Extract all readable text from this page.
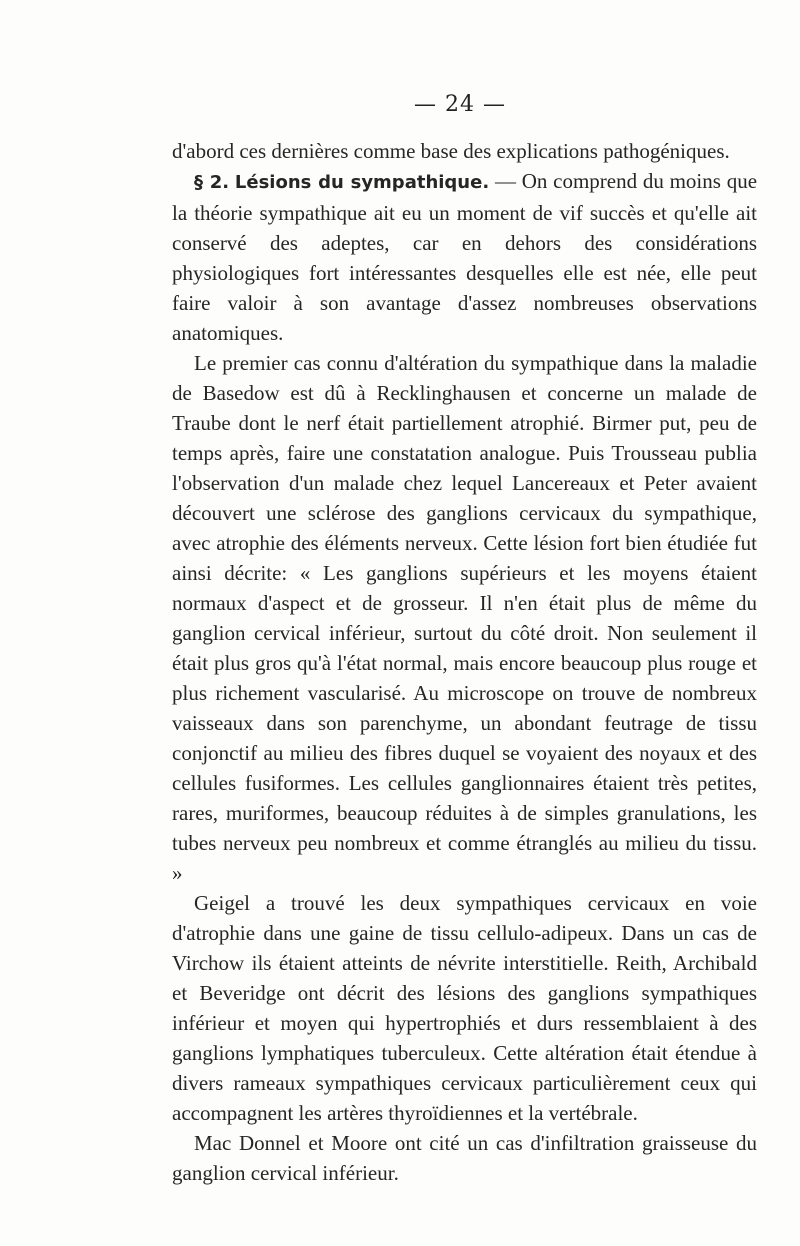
— 24 —

d'abord ces dernières comme base des explications pathogéniques.

§ 2. Lésions du sympathique. — On comprend du moins que la théorie sympathique ait eu un moment de vif succès et qu'elle ait conservé des adeptes, car en dehors des considérations physiologiques fort intéressantes desquelles elle est née, elle peut faire valoir à son avantage d'assez nombreuses observations anatomiques.

Le premier cas connu d'altération du sympathique dans la maladie de Basedow est dû à Recklinghausen et concerne un malade de Traube dont le nerf était partiellement atrophié. Birmer put, peu de temps après, faire une constatation analogue. Puis Trousseau publia l'observation d'un malade chez lequel Lancereaux et Peter avaient découvert une sclérose des ganglions cervicaux du sympathique, avec atrophie des éléments nerveux. Cette lésion fort bien étudiée fut ainsi décrite: « Les ganglions supérieurs et les moyens étaient normaux d'aspect et de grosseur. Il n'en était plus de même du ganglion cervical inférieur, surtout du côté droit. Non seulement il était plus gros qu'à l'état normal, mais encore beaucoup plus rouge et plus richement vascularisé. Au microscope on trouve de nombreux vaisseaux dans son parenchyme, un abondant feutrage de tissu conjonctif au milieu des fibres duquel se voyaient des noyaux et des cellules fusiformes. Les cellules ganglionnaires étaient très petites, rares, muriformes, beaucoup réduites à de simples granulations, les tubes nerveux peu nombreux et comme étranglés au milieu du tissu. »

Geigel a trouvé les deux sympathiques cervicaux en voie d'atrophie dans une gaine de tissu cellulo-adipeux. Dans un cas de Virchow ils étaient atteints de névrite interstitielle. Reith, Archibald et Beveridge ont décrit des lésions des ganglions sympathiques inférieur et moyen qui hypertrophiés et durs ressemblaient à des ganglions lymphatiques tuberculeux. Cette altération était étendue à divers rameaux sympathiques cervicaux particulièrement ceux qui accompagnent les artères thyroïdiennes et la vertébrale.

Mac Donnel et Moore ont cité un cas d'infiltration graisseuse du ganglion cervical inférieur.
